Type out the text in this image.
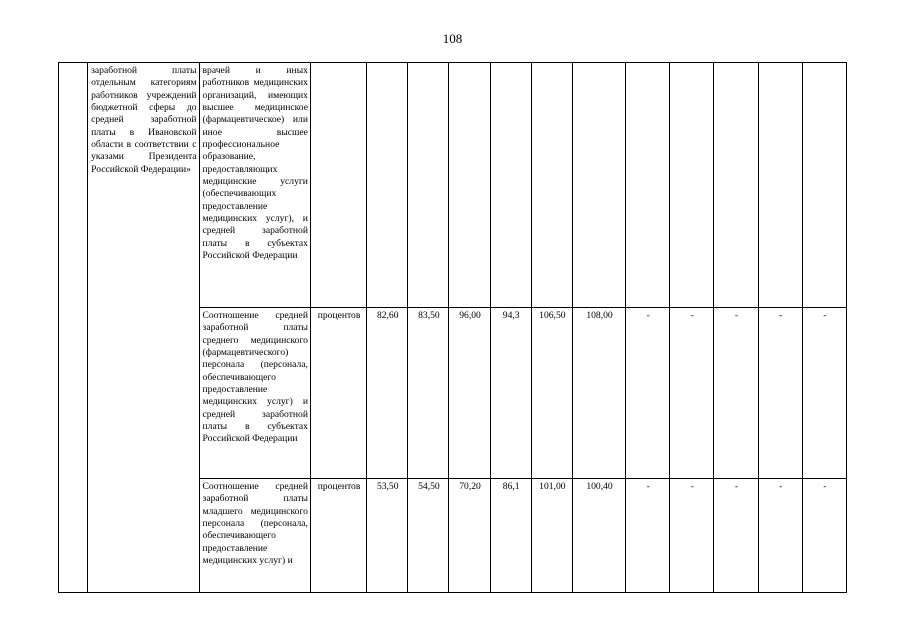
108
	заработной платы отдельным категориям работников учреждений бюджетной сферы до средней заработной платы в Ивановской области в соответствии с указами Президента Российской Федерации»	врачей и иных работников медицинских организаций, имеющих высшее медицинское (фармацевтическое) или иное высшее профессиональное образование, предоставляющих медицинские услуги (обеспечивающих предоставление медицинских услуг), и средней заработной платы в субъектах Российской Федерации												
		Соотношение средней заработной платы среднего медицинского (фармацевтического) персонала (персонала, обеспечивающего предоставление медицинских услуг) и средней заработной платы в субъектах Российской Федерации	процентов	82,60	83,50	96,00	94,3	106,50	108,00	-	-	-	-	-
		Соотношение средней заработной платы младшего медицинского персонала (персонала, обеспечивающего предоставление медицинских услуг) и	процентов	53,50	54,50	70,20	86,1	101,00	100,40	-	-	-	-	-
